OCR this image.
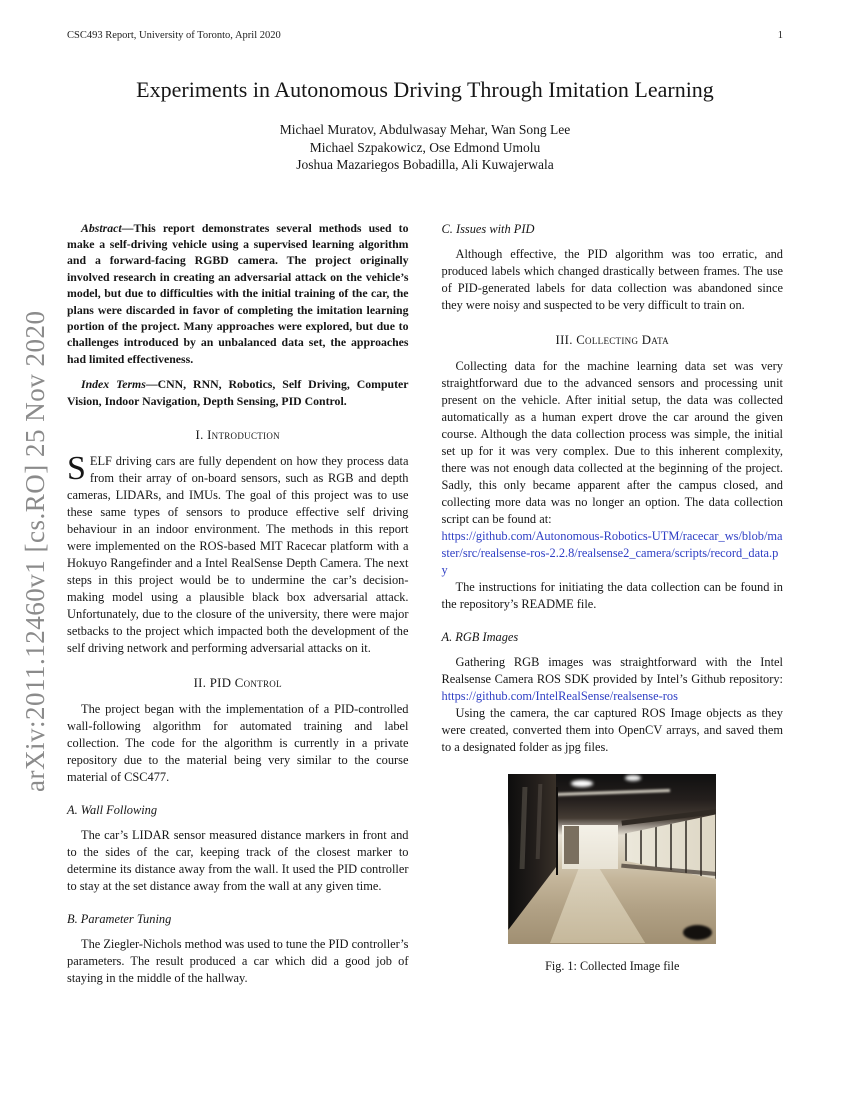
CSC493 Report, University of Toronto, April 2020	1
Experiments in Autonomous Driving Through Imitation Learning
Michael Muratov, Abdulwasay Mehar, Wan Song Lee
Michael Szpakowicz, Ose Edmond Umolu
Joshua Mazariegos Bobadilla, Ali Kuwajerwala

Abstract—This report demonstrates several methods used to make a self-driving vehicle using a supervised learning algorithm and a forward-facing RGBD camera. The project originally involved research in creating an adversarial attack on the vehicle’s model, but due to difficulties with the initial training of the car, the plans were discarded in favor of completing the imitation learning portion of the project. Many approaches were explored, but due to challenges introduced by an unbalanced data set, the approaches had limited effectiveness.

Index Terms—CNN, RNN, Robotics, Self Driving, Computer Vision, Indoor Navigation, Depth Sensing, PID Control.

I. Introduction

SELF driving cars are fully dependent on how they process data from their array of on-board sensors, such as RGB and depth cameras, LIDARs, and IMUs. The goal of this project was to use these same types of sensors to produce effective self driving behaviour in an indoor environment. The methods in this report were implemented on the ROS-based MIT Racecar platform with a Hokuyo Rangefinder and a Intel RealSense Depth Camera. The next steps in this project would be to undermine the car’s decision-making model using a plausible black box adversarial attack. Unfortunately, due to the closure of the university, there were major setbacks to the project which impacted both the development of the self driving network and performing adversarial attacks on it.

II. PID Control

The project began with the implementation of a PID-controlled wall-following algorithm for automated training and label collection. The code for the algorithm is currently in a private repository due to the material being very similar to the course material of CSC477.

A. Wall Following

The car’s LIDAR sensor measured distance markers in front and to the sides of the car, keeping track of the closest marker to determine its distance away from the wall. It used the PID controller to stay at the set distance away from the wall at any given time.

B. Parameter Tuning

The Ziegler-Nichols method was used to tune the PID controller’s parameters. The result produced a car which did a good job of staying in the middle of the hallway.

C. Issues with PID

Although effective, the PID algorithm was too erratic, and produced labels which changed drastically between frames. The use of PID-generated labels for data collection was abandoned since they were noisy and suspected to be very difficult to train on.

III. Collecting Data

Collecting data for the machine learning data set was very straightforward due to the advanced sensors and processing unit present on the vehicle. After initial setup, the data was collected automatically as a human expert drove the car around the given course. Although the data collection process was simple, the initial set up for it was very complex. Due to this inherent complexity, there was not enough data collected at the beginning of the project. Sadly, this only became apparent after the campus closed, and collecting more data was no longer an option. The data collection script can be found at:

https://github.com/Autonomous-Robotics-UTM/racecar_ws/blob/master/src/realsense-ros-2.2.8/realsense2_camera/scripts/record_data.py

The instructions for initiating the data collection can be found in the repository’s README file.

A. RGB Images

Gathering RGB images was straightforward with the Intel Realsense Camera ROS SDK provided by Intel’s Github repository: https://github.com/IntelRealSense/realsense-ros

Using the camera, the car captured ROS Image objects as they were created, converted them into OpenCV arrays, and saved them to a designated folder as jpg files.

Fig. 1: Collected Image file
arXiv:2011.12460v1 [cs.RO] 25 Nov 2020
